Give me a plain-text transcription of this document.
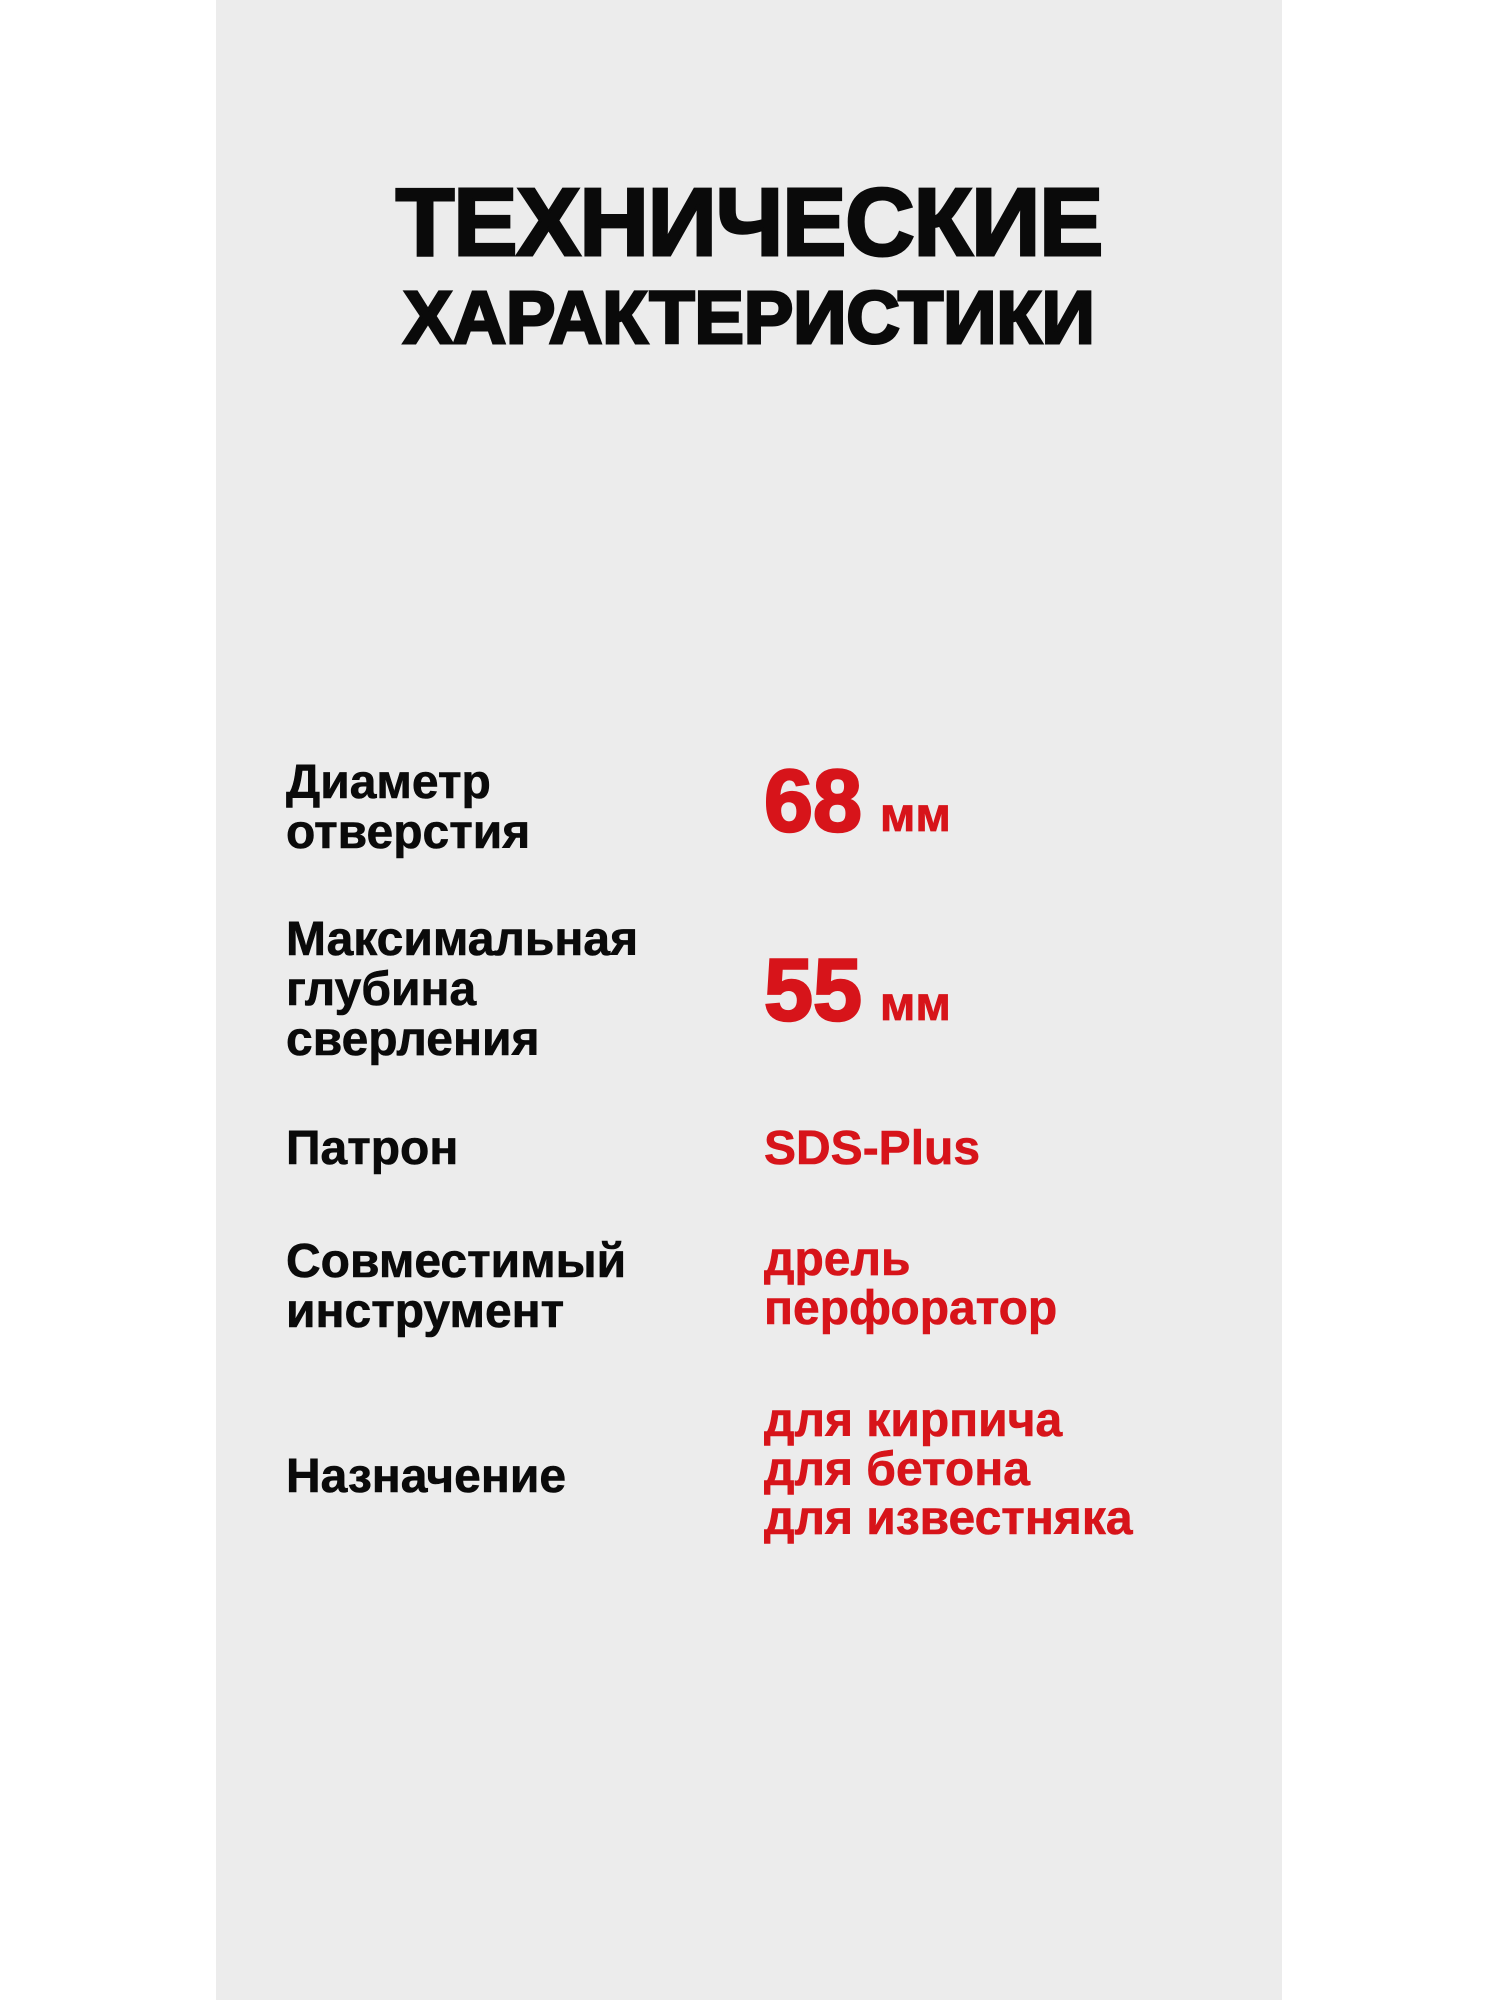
ТЕХНИЧЕСКИЕ
ХАРАКТЕРИСТИКИ
Диаметр
отверстия	68 мм
Максимальная
глубина
сверления
55 мм
Патрон	SDS-Plus
Совместимый
инструмент
дрель
перфоратор
Назначение
для кирпича
для бетона
для известняка
